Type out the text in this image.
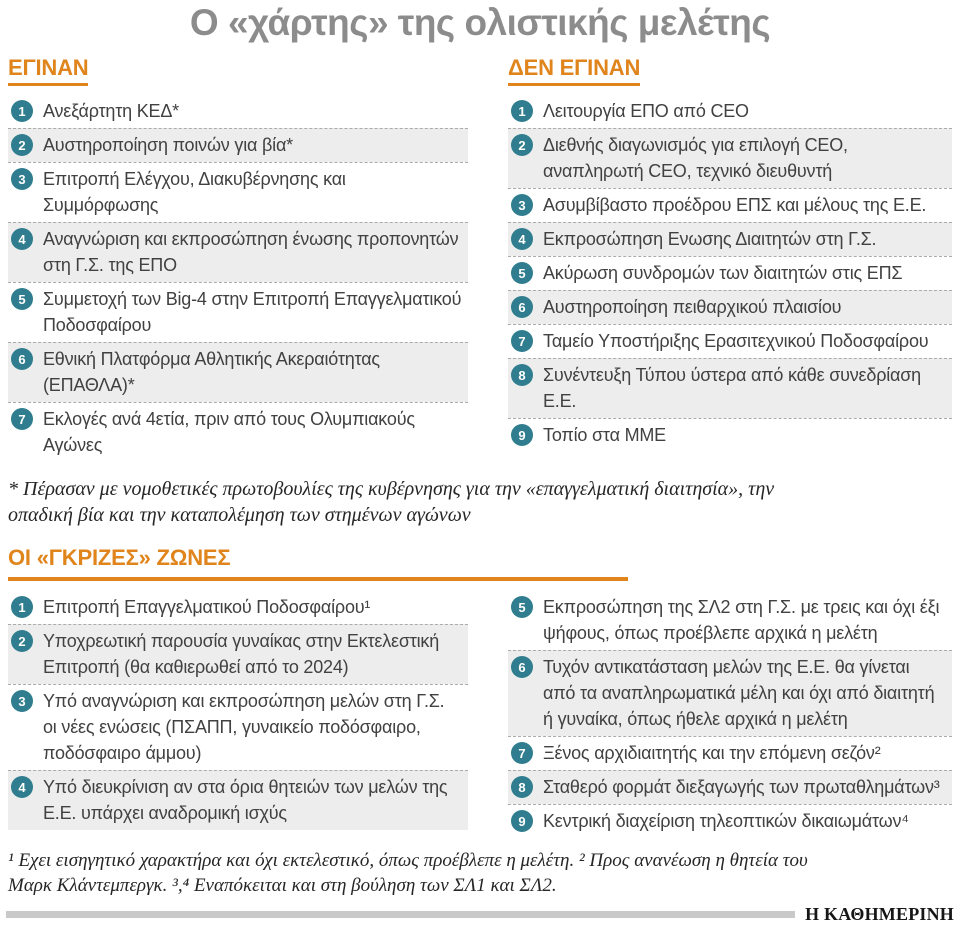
Ο «χάρτης» της ολιστικής μελέτης
ΕΓΙΝΑΝ
1 Ανεξάρτητη ΚΕΔ*
2 Αυστηροποίηση ποινών για βία*
3 Επιτροπή Ελέγχου, Διακυβέρνησης και Συμμόρφωσης
4 Αναγνώριση και εκπροσώπηση ένωσης προπονητών στη Γ.Σ. της ΕΠΟ
5 Συμμετοχή των Big-4 στην Επιτροπή Επαγγελματικού Ποδοσφαίρου
6 Εθνική Πλατφόρμα Αθλητικής Ακεραιότητας (ΕΠΑΘΛΑ)*
7 Εκλογές ανά 4ετία, πριν από τους Ολυμπιακούς Αγώνες
ΔΕΝ ΕΓΙΝΑΝ
1 Λειτουργία ΕΠΟ από CEO
2 Διεθνής διαγωνισμός για επιλογή CEO, αναπληρωτή CEO, τεχνικό διευθυντή
3 Ασυμβίβαστο προέδρου ΕΠΣ και μέλους της Ε.Ε.
4 Εκπροσώπηση Ενωσης Διαιτητών στη Γ.Σ.
5 Ακύρωση συνδρομών των διαιτητών στις ΕΠΣ
6 Αυστηροποίηση πειθαρχικού πλαισίου
7 Ταμείο Υποστήριξης Ερασιτεχνικού Ποδοσφαίρου
8 Συνέντευξη Τύπου ύστερα από κάθε συνεδρίαση Ε.Ε.
9 Τοπίο στα ΜΜΕ
* Πέρασαν με νομοθετικές πρωτοβουλίες της κυβέρνησης για την «επαγγελματική διαιτησία», την οπαδική βία και την καταπολέμηση των στημένων αγώνων
ΟΙ «ΓΚΡΙΖΕΣ» ΖΩΝΕΣ
1 Επιτροπή Επαγγελματικού Ποδοσφαίρου¹
2 Υποχρεωτική παρουσία γυναίκας στην Εκτελεστική Επιτροπή (θα καθιερωθεί από το 2024)
3 Υπό αναγνώριση και εκπροσώπηση μελών στη Γ.Σ. οι νέες ενώσεις (ΠΣΑΠΠ, γυναικείο ποδόσφαιρο, ποδόσφαιρο άμμου)
4 Υπό διευκρίνιση αν στα όρια θητειών των μελών της Ε.Ε. υπάρχει αναδρομική ισχύς
5 Εκπροσώπηση της ΣΛ2 στη Γ.Σ. με τρεις και όχι έξι ψήφους, όπως προέβλεπε αρχικά η μελέτη
6 Τυχόν αντικατάσταση μελών της Ε.Ε. θα γίνεται από τα αναπληρωματικά μέλη και όχι από διαιτητή ή γυναίκα, όπως ήθελε αρχικά η μελέτη
7 Ξένος αρχιδιαιτητής και την επόμενη σεζόν²
8 Σταθερό φορμάτ διεξαγωγής των πρωταθλημάτων³
9 Κεντρική διαχείριση τηλεοπτικών δικαιωμάτων⁴
¹ Εχει εισηγητικό χαρακτήρα και όχι εκτελεστικό, όπως προέβλεπε η μελέτη. ² Προς ανανέωση η θητεία του Μαρκ Κλάντεμπεργκ. ³,⁴ Εναπόκειται και στη βούληση των ΣΛ1 και ΣΛ2.
Η ΚΑΘΗΜΕΡΙΝΗ
